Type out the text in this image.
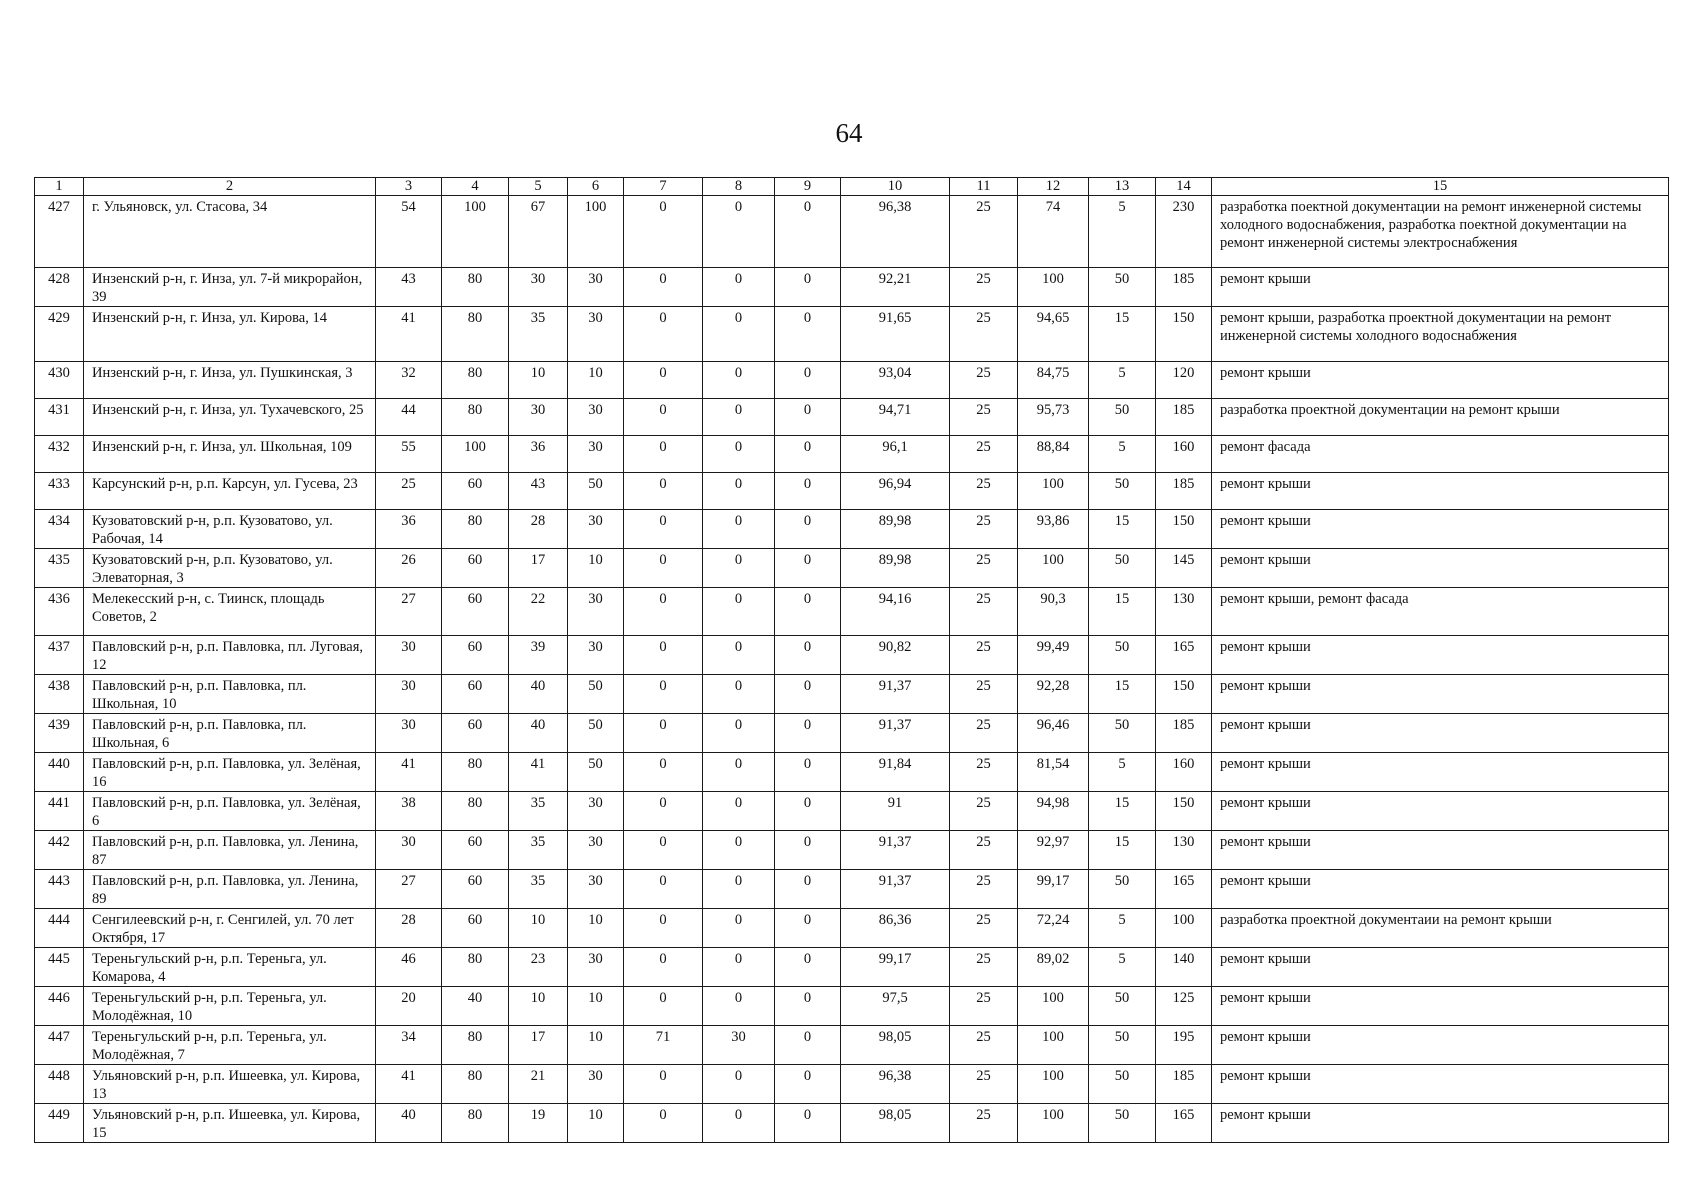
64
1	2	3	4	5	6	7	8	9	10	11	12	13	14	15
427	г. Ульяновск, ул. Стасова, 34	54	100	67	100	0	0	0	96,38	25	74	5	230	разработка поектной документации на ремонт инженерной системы холодного водоснабжения, разработка поектной документации на ремонт инженерной системы электроснабжения
428	Инзенский р-н, г. Инза, ул. 7-й микрорайон, 39	43	80	30	30	0	0	0	92,21	25	100	50	185	ремонт крыши
429	Инзенский р-н, г. Инза, ул. Кирова, 14	41	80	35	30	0	0	0	91,65	25	94,65	15	150	ремонт крыши, разработка проектной документации на ремонт инженерной системы холодного водоснабжения
430	Инзенский р-н, г. Инза, ул. Пушкинская, 3	32	80	10	10	0	0	0	93,04	25	84,75	5	120	ремонт крыши
431	Инзенский р-н, г. Инза, ул. Тухачевского, 25	44	80	30	30	0	0	0	94,71	25	95,73	50	185	разработка проектной документации на ремонт крыши
432	Инзенский р-н, г. Инза, ул. Школьная, 109	55	100	36	30	0	0	0	96,1	25	88,84	5	160	ремонт фасада
433	Карсунский р-н, р.п. Карсун, ул. Гусева, 23	25	60	43	50	0	0	0	96,94	25	100	50	185	ремонт крыши
434	Кузоватовский р-н, р.п. Кузоватово, ул. Рабочая, 14	36	80	28	30	0	0	0	89,98	25	93,86	15	150	ремонт крыши
435	Кузоватовский р-н, р.п. Кузоватово, ул. Элеваторная, 3	26	60	17	10	0	0	0	89,98	25	100	50	145	ремонт крыши
436	Мелекесский р-н, с. Тиинск, площадь Советов, 2	27	60	22	30	0	0	0	94,16	25	90,3	15	130	ремонт крыши, ремонт фасада
437	Павловский р-н, р.п. Павловка, пл. Луговая, 12	30	60	39	30	0	0	0	90,82	25	99,49	50	165	ремонт крыши
438	Павловский р-н, р.п. Павловка, пл. Школьная, 10	30	60	40	50	0	0	0	91,37	25	92,28	15	150	ремонт крыши
439	Павловский р-н, р.п. Павловка, пл. Школьная, 6	30	60	40	50	0	0	0	91,37	25	96,46	50	185	ремонт крыши
440	Павловский р-н, р.п. Павловка, ул. Зелёная, 16	41	80	41	50	0	0	0	91,84	25	81,54	5	160	ремонт крыши
441	Павловский р-н, р.п. Павловка, ул. Зелёная, 6	38	80	35	30	0	0	0	91	25	94,98	15	150	ремонт крыши
442	Павловский р-н, р.п. Павловка, ул. Ленина, 87	30	60	35	30	0	0	0	91,37	25	92,97	15	130	ремонт крыши
443	Павловский р-н, р.п. Павловка, ул. Ленина, 89	27	60	35	30	0	0	0	91,37	25	99,17	50	165	ремонт крыши
444	Сенгилеевский р-н, г. Сенгилей, ул. 70 лет Октября, 17	28	60	10	10	0	0	0	86,36	25	72,24	5	100	разработка проектной документаии на ремонт крыши
445	Тереньгульский р-н, р.п. Тереньга, ул. Комарова, 4	46	80	23	30	0	0	0	99,17	25	89,02	5	140	ремонт крыши
446	Тереньгульский р-н, р.п. Тереньга, ул. Молодёжная, 10	20	40	10	10	0	0	0	97,5	25	100	50	125	ремонт крыши
447	Тереньгульский р-н, р.п. Тереньга, ул. Молодёжная, 7	34	80	17	10	71	30	0	98,05	25	100	50	195	ремонт крыши
448	Ульяновский р-н, р.п. Ишеевка, ул. Кирова, 13	41	80	21	30	0	0	0	96,38	25	100	50	185	ремонт крыши
449	Ульяновский р-н, р.п. Ишеевка, ул. Кирова, 15	40	80	19	10	0	0	0	98,05	25	100	50	165	ремонт крыши
